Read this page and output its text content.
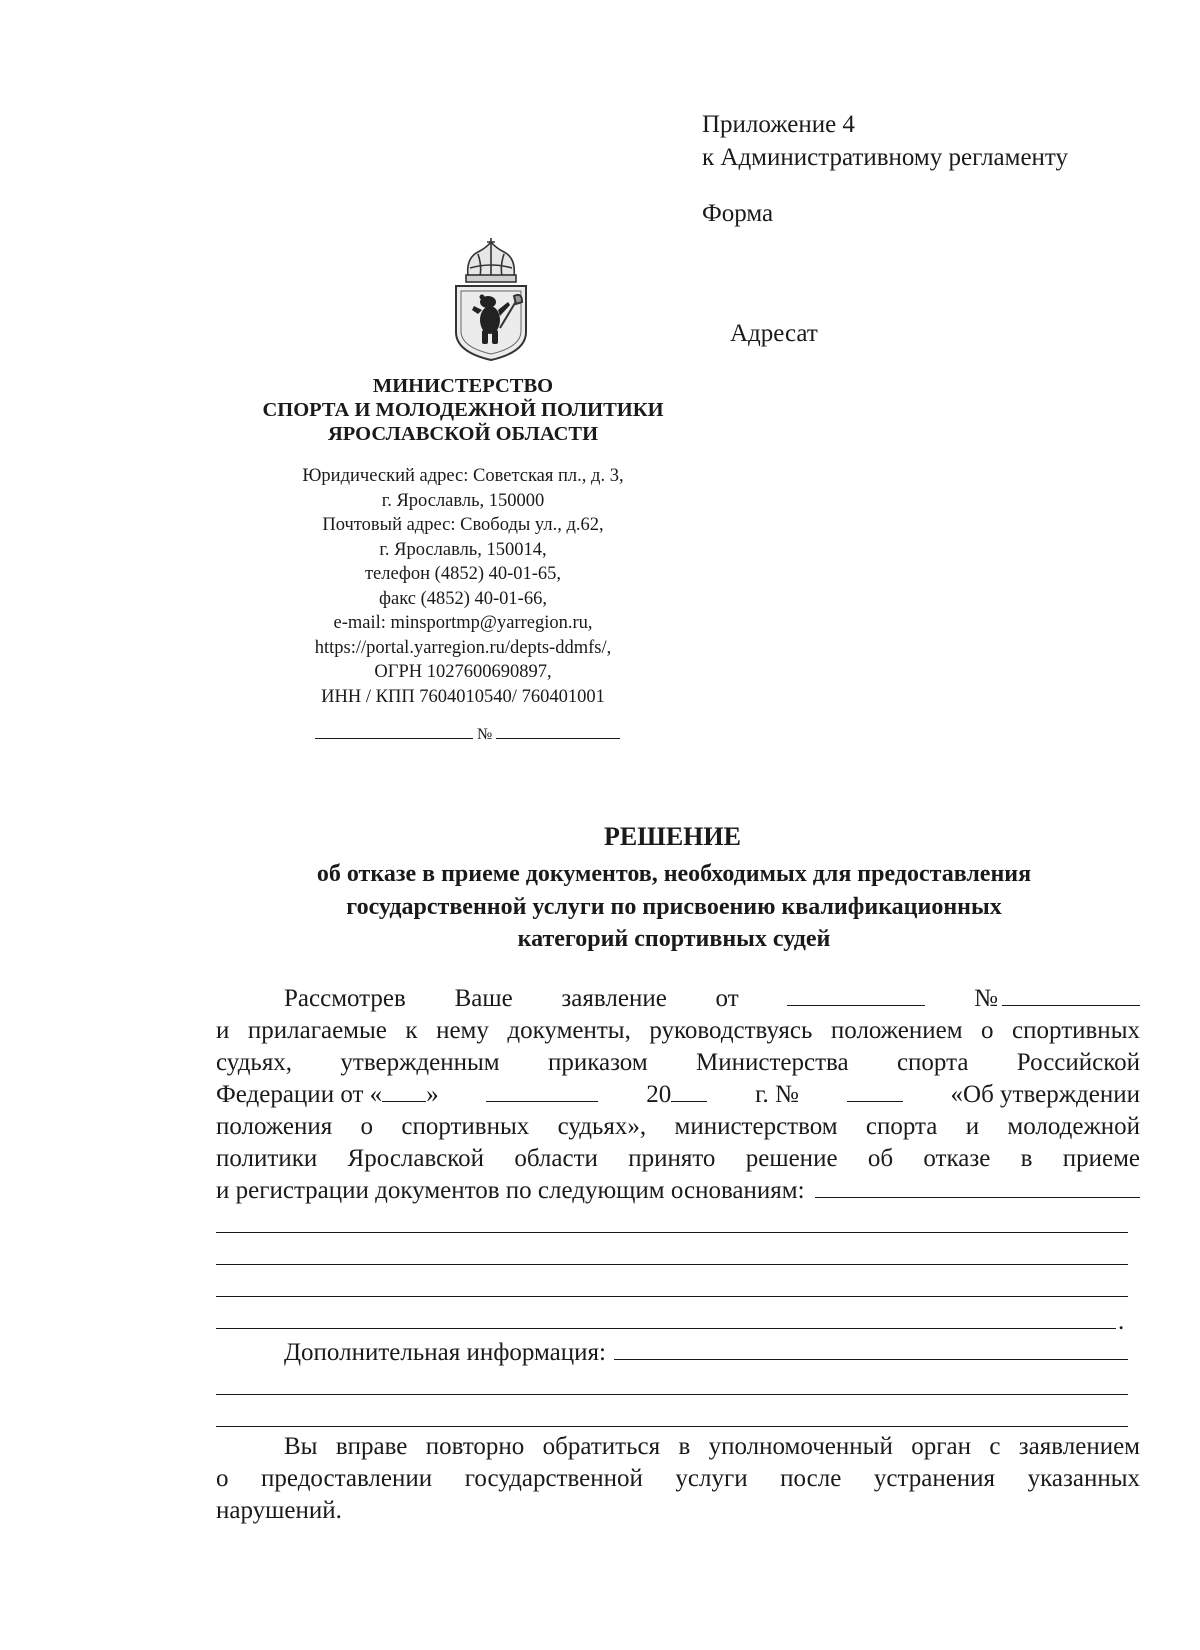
Приложение 4
к Административному регламенту
Форма
Адресат
МИНИСТЕРСТВО
СПОРТА И МОЛОДЕЖНОЙ ПОЛИТИКИ
ЯРОСЛАВСКОЙ ОБЛАСТИ
Юридический адрес: Советская пл., д. 3,
г. Ярославль, 150000
Почтовый адрес: Свободы ул., д.62,
г. Ярославль, 150014,
телефон (4852) 40-01-65,
факс (4852) 40-01-66,
e-mail: minsportmp@yarregion.ru,
https://portal.yarregion.ru/depts-ddmfs/,
ОГРН 1027600690897,
ИНН / КПП 7604010540/ 760401001
№
РЕШЕНИЕ
об отказе в приеме документов, необходимых для предоставления
государственной услуги по присвоению квалификационных
категорий спортивных судей
Рассмотрев Ваше заявление от	№
и прилагаемые к нему документы, руководствуясь положением о спортивных
судьях, утвержденным приказом Министерства спорта Российской
Федерации от « »	20	г. №	«Об утверждении
положения о спортивных судьях», министерством спорта и молодежной
политики Ярославской области принято решение об отказе в приеме
и регистрации документов по следующим основаниям:
.
Дополнительная информация:
Вы вправе повторно обратиться в уполномоченный орган с заявлением
о предоставлении государственной услуги после устранения указанных
нарушений.
